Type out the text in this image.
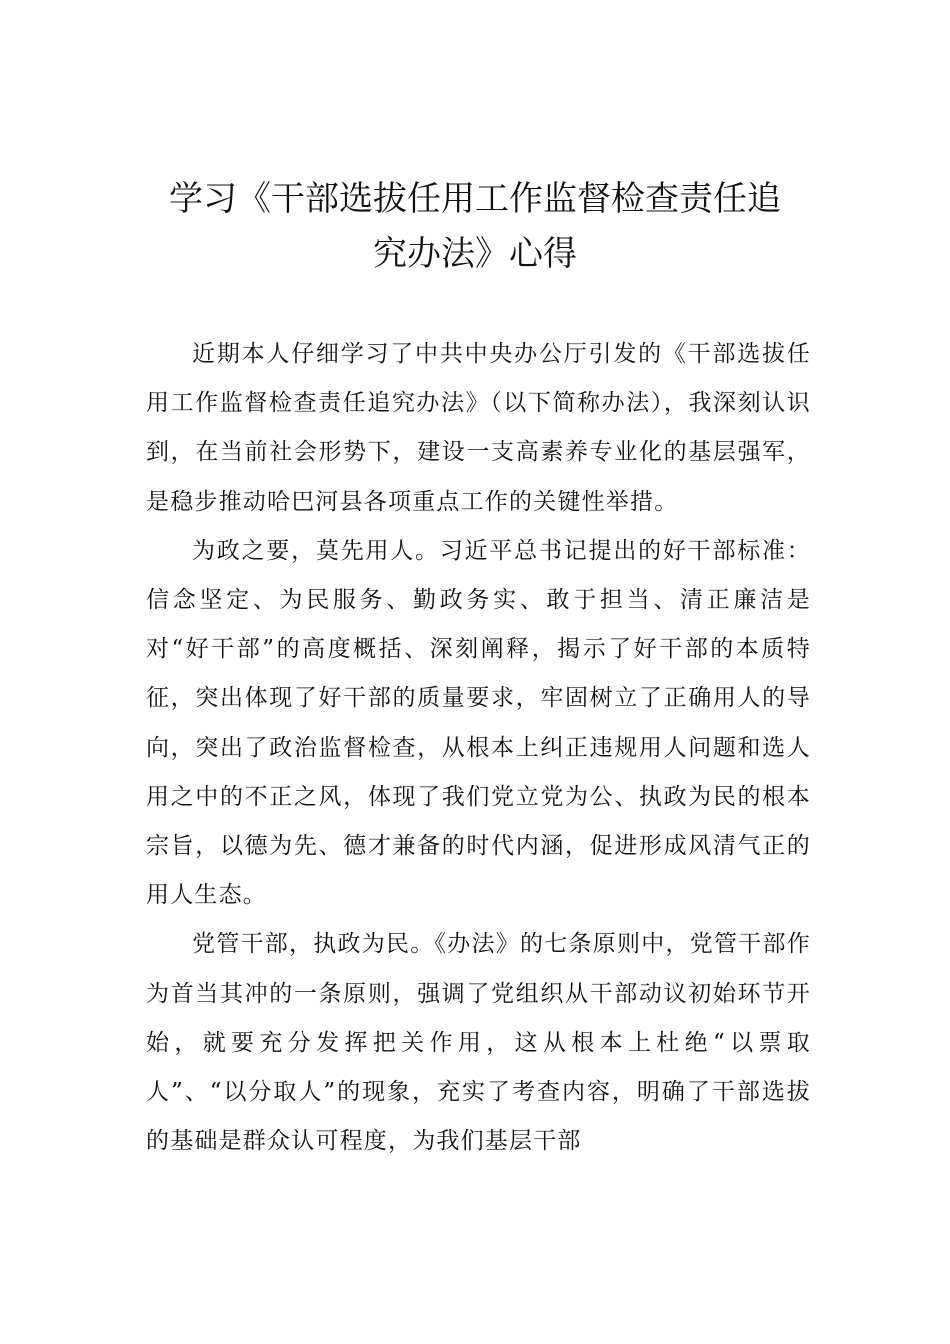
学习《干部选拔任用工作监督检查责任追
究办法》心得

近期本人仔细学习了中共中央办公厅引发的《干部选拔任用工作监督检查责任追究办法》（以下简称办法），我深刻认识到，在当前社会形势下，建设一支高素养专业化的基层强军，是稳步推动哈巴河县各项重点工作的关键性举措。

为政之要，莫先用人。习近平总书记提出的好干部标准：信念坚定、为民服务、勤政务实、敢于担当、清正廉洁是对“好干部”的高度概括、深刻阐释，揭示了好干部的本质特征，突出体现了好干部的质量要求，牢固树立了正确用人的导向，突出了政治监督检查，从根本上纠正违规用人问题和选人用之中的不正之风，体现了我们党立党为公、执政为民的根本宗旨，以德为先、德才兼备的时代内涵，促进形成风清气正的用人生态。

党管干部，执政为民。《办法》的七条原则中，党管干部作为首当其冲的一条原则，强调了党组织从干部动议初始环节开始，就要充分发挥把关作用，这从根本上杜绝“以票取人”、“以分取人”的现象，充实了考查内容，明确了干部选拔的基础是群众认可程度，为我们基层干部
